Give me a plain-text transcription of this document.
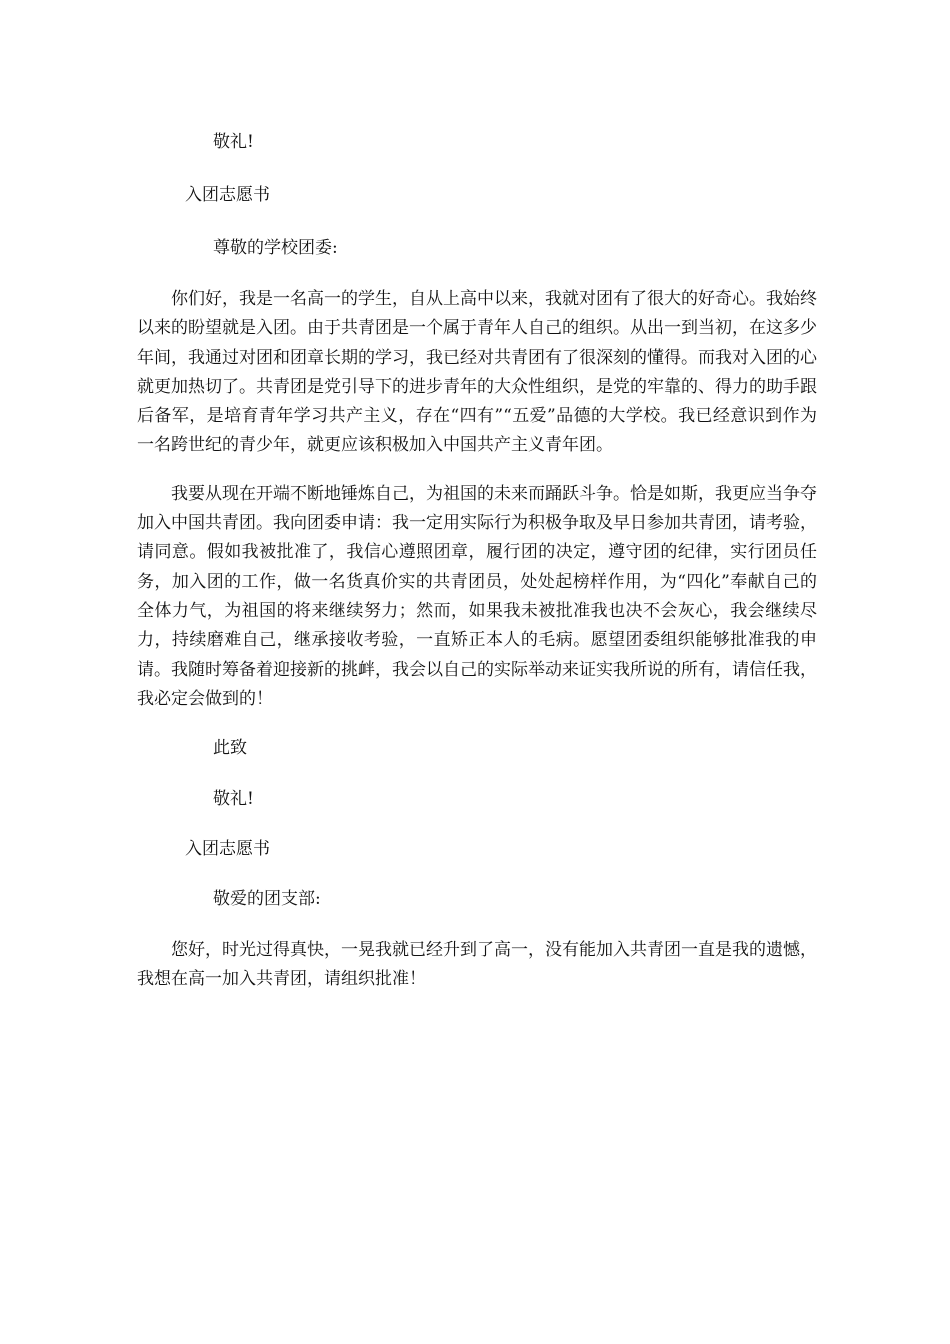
敬礼!
入团志愿书
尊敬的学校团委:
你们好，我是一名高一的学生，自从上高中以来，我就对团有了很大的好奇心。我始终以来的盼望就是入团。由于共青团是一个属于青年人自己的组织。从出一到当初，在这多少年间，我通过对团和团章长期的学习，我已经对共青团有了很深刻的懂得。而我对入团的心就更加热切了。共青团是党引导下的进步青年的大众性组织，是党的牢靠的、得力的助手跟后备军，是培育青年学习共产主义，存在“四有”“五爱”品德的大学校。我已经意识到作为一名跨世纪的青少年，就更应该积极加入中国共产主义青年团。
我要从现在开端不断地锤炼自己，为祖国的未来而踊跃斗争。恰是如斯，我更应当争夺加入中国共青团。我向团委申请：我一定用实际行为积极争取及早日参加共青团，请考验，请同意。假如我被批准了，我信心遵照团章，履行团的决定，遵守团的纪律，实行团员任务，加入团的工作，做一名货真价实的共青团员，处处起榜样作用，为“四化”奉献自己的全体力气，为祖国的将来继续努力；然而，如果我未被批准我也决不会灰心，我会继续尽力，持续磨难自己，继承接收考验，一直矫正本人的毛病。愿望团委组织能够批准我的申请。我随时筹备着迎接新的挑衅，我会以自己的实际举动来证实我所说的所有，请信任我，我必定会做到的！
此致
敬礼!
入团志愿书
敬爱的团支部:
您好，时光过得真快，一晃我就已经升到了高一，没有能加入共青团一直是我的遗憾，我想在高一加入共青团，请组织批准！
